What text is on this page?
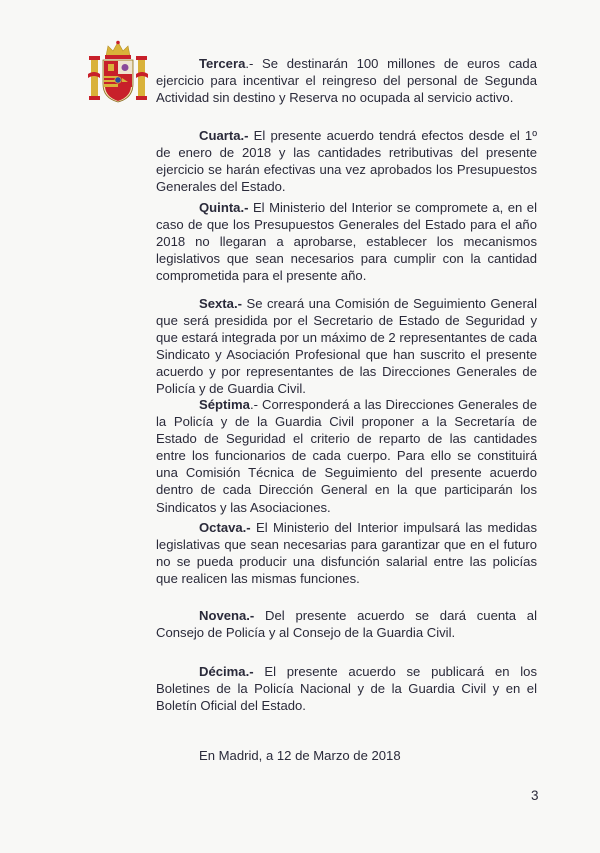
Tercera.- Se destinarán 100 millones de euros cada ejercicio para incentivar el reingreso del personal de Segunda Actividad sin destino y Reserva no ocupada al servicio activo.
Cuarta.- El presente acuerdo tendrá efectos desde el 1º de enero de 2018 y las cantidades retributivas del presente ejercicio se harán efectivas una vez aprobados los Presupuestos Generales del Estado.
Quinta.- El Ministerio del Interior se compromete a, en el caso de que los Presupuestos Generales del Estado para el año 2018 no llegaran a aprobarse, establecer los mecanismos legislativos que sean necesarios para cumplir con la cantidad comprometida para el presente año.
Sexta.- Se creará una Comisión de Seguimiento General que será presidida por el Secretario de Estado de Seguridad y que estará integrada por un máximo de 2 representantes de cada Sindicato y Asociación Profesional que han suscrito el presente acuerdo y por representantes de las Direcciones Generales de Policía y de Guardia Civil.
Séptima.- Corresponderá a las Direcciones Generales de la Policía y de la Guardia Civil proponer a la Secretaría de Estado de Seguridad el criterio de reparto de las cantidades entre los funcionarios de cada cuerpo. Para ello se constituirá una Comisión Técnica de Seguimiento del presente acuerdo dentro de cada Dirección General en la que participarán los Sindicatos y las Asociaciones.
Octava.- El Ministerio del Interior impulsará las medidas legislativas que sean necesarias para garantizar que en el futuro no se pueda producir una disfunción salarial entre las policías que realicen las mismas funciones.
Novena.- Del presente acuerdo se dará cuenta al Consejo de Policía y al Consejo de la Guardia Civil.
Décima.- El presente acuerdo se publicará en los Boletines de la Policía Nacional y de la Guardia Civil y en el Boletín Oficial del Estado.
En Madrid, a 12 de Marzo de 2018
3
